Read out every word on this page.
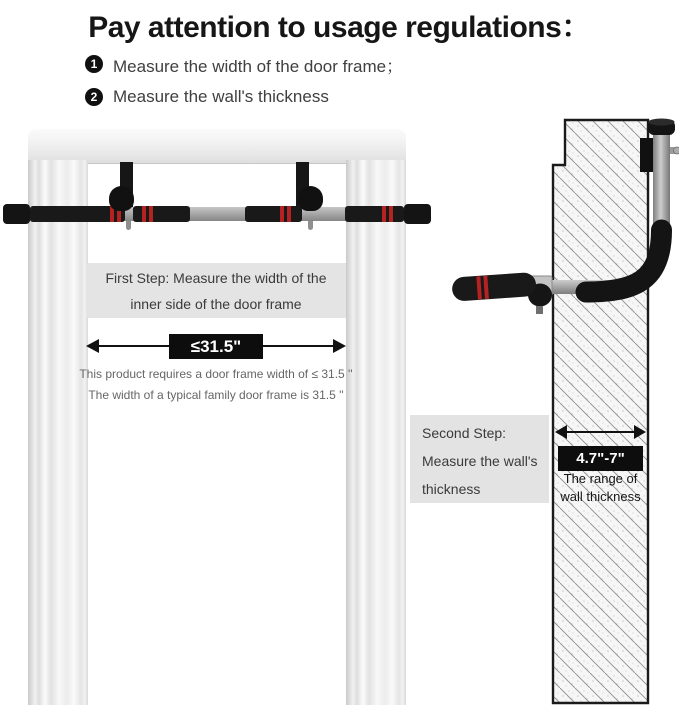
Pay attention to usage regulations：
1 Measure the width of the door frame；
2 Measure the wall's thickness
First Step: Measure the width of the
inner side of the door frame
≤31.5"
This product requires a door frame width of ≤ 31.5 ''
The width of a typical family door frame is 31.5 ''
Second Step:
Measure the wall's
thickness
4.7"-7"
The range of
wall thickness
